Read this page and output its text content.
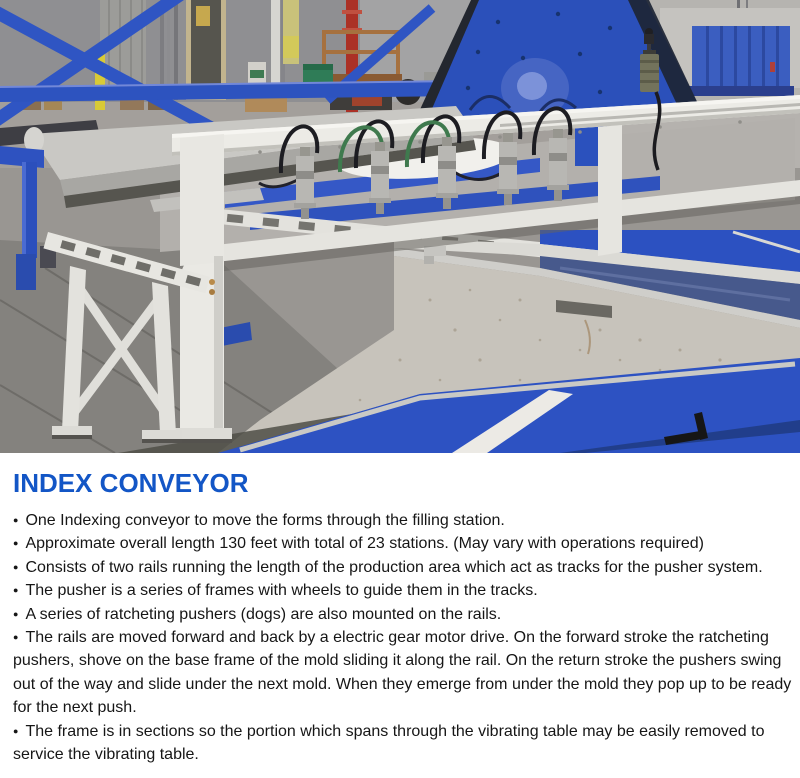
INDEX CONVEYOR

● One Indexing conveyor to move the forms through the filling station.

● Approximate overall length 130 feet with total of 23 stations. (May vary with operations required)

● Consists of two rails running the length of the production area which act as tracks for the pusher system.

● The pusher is a series of frames with wheels to guide them in the tracks.

● A series of ratcheting pushers (dogs) are also mounted on the rails.

● The rails are moved forward and back by a electric gear motor drive. On the forward stroke the ratcheting pushers, shove on the base frame of the mold sliding it along the rail. On the return stroke the pushers swing out of the way and slide under the next mold. When they emerge from under the mold they pop up to be ready for the next push.

● The frame is in sections so the portion which spans through the vibrating table may be easily removed to service the vibrating table.
